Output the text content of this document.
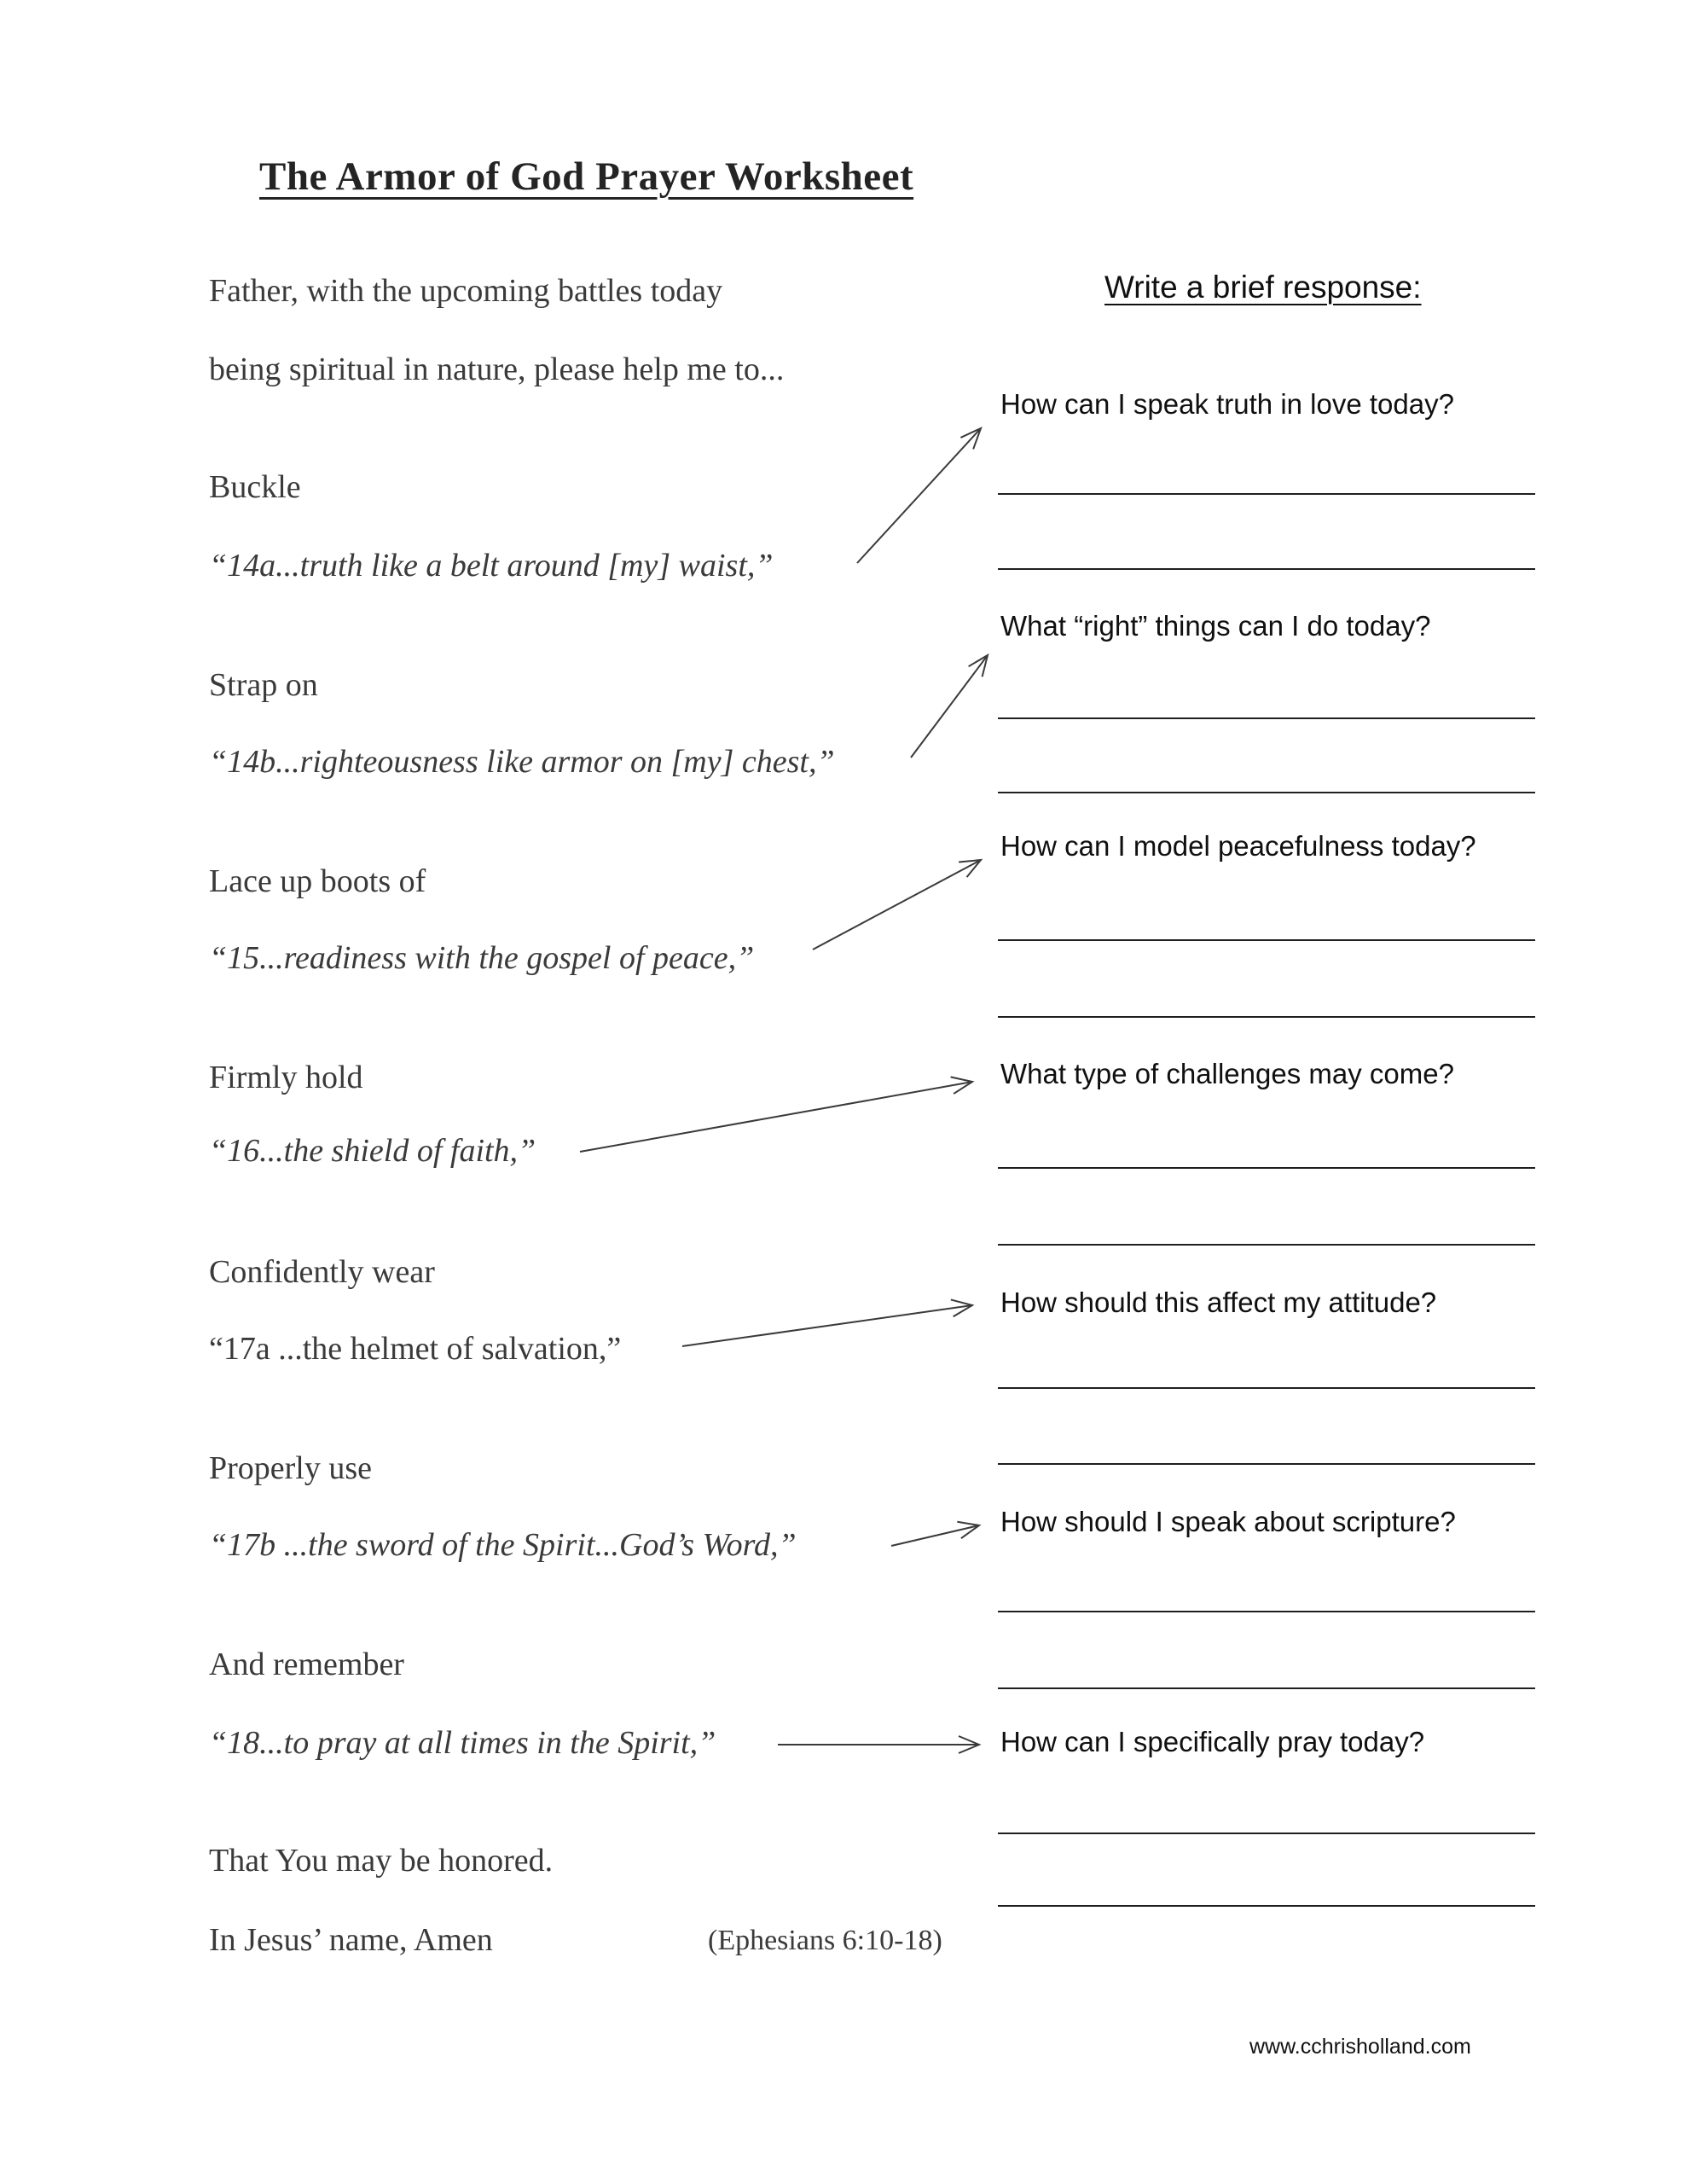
The Armor of God Prayer Worksheet
Father, with the upcoming battles today
being spiritual in nature, please help me to...
Buckle
“14a...truth like a belt around [my] waist,”
Strap on
“14b...righteousness like armor on [my] chest,”
Lace up boots of
“15...readiness with the gospel of peace,”
Firmly hold
“16...the shield of faith,”
Confidently wear
“17a ...the helmet of salvation,”
Properly use
“17b ...the sword of the Spirit...God’s Word,”
And remember
“18...to pray at all times in the Spirit,”
That You may be honored.
In Jesus’ name, Amen	(Ephesians 6:10-18)
Write a brief response:
How can I speak truth in love today?
What “right” things can I do today?
How can I model peacefulness today?
What type of challenges may come?
How should this affect my attitude?
How should I speak about scripture?
How can I specifically pray today?
www.cchrisholland.com
